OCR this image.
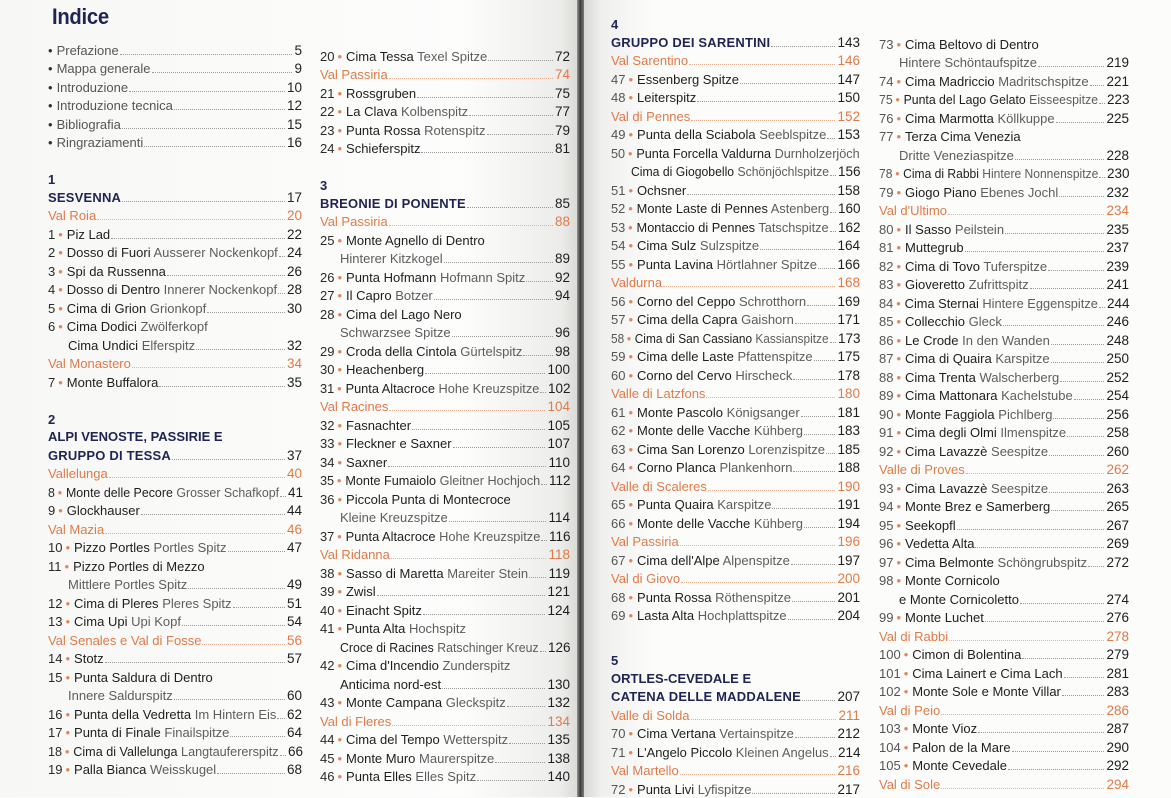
Indice
• Prefazione	5
• Mappa generale	9
• Introduzione	10
• Introduzione tecnica	12
• Bibliografia	15
• Ringraziamenti	16
1
SESVENNA	17
Val Roia	20
1 • Piz Lad	22
2 • Dosso di Fuori Ausserer Nockenkopf 24
3 • Spi da Russenna	26
4 • Dosso di Dentro Innerer Nockenkopf 28
5 • Cima di Grion Grionkopf	30
6 • Cima Dodici Zwölferkopf
Cima Undici Elferspitz	32
Val Monastero	34
7 • Monte Buffalora	35
2
ALPI VENOSTE, PASSIRIE E
GRUPPO DI TESSA	37
Vallelunga	40
8 • Monte delle Pecore Grosser Schafkopf 41
9 • Glockhauser	44
Val Mazia	46
10 • Pizzo Portles Portles Spitz	47
11 • Pizzo Portles di Mezzo
Mittlere Portles Spitz	49
12 • Cima di Pleres Pleres Spitz	51
13 • Cima Upi Upi Kopf	54
Val Senales e Val di Fosse	56
14 • Stotz	57
15 • Punta Saldura di Dentro
Innere Saldurspitz	60
16 • Punta della Vedretta Im Hintern Eis 62
17 • Punta di Finale Finailspitze	64
18 • Cima di Vallelunga Langtaufererspitz 66
19 • Palla Bianca Weisskugel	68
20 • Cima Tessa Texel Spitze	72
Val Passiria	74
21 • Rossgruben	75
22 • La Clava Kolbenspitz	77
23 • Punta Rossa Rotenspitz	79
24 • Schieferspitz	81
3
BREONIE DI PONENTE	85
Val Passiria	88
25 • Monte Agnello di Dentro
Hinterer Kitzkogel	89
26 • Punta Hofmann Hofmann Spitz 92
27 • Il Capro Botzer	94
28 • Cima del Lago Nero
Schwarzsee Spitze	96
29 • Croda della Cintola Gürtelspitz 98
30 • Heachenberg	100
31 • Punta Altacroce Hohe Kreuzspitze 102
Val Racines	104
32 • Fasnachter	105
33 • Fleckner e Saxner	107
34 • Saxner	110
35 • Monte Fumaiolo Gleitner Hochjoch 112
36 • Piccola Punta di Montecroce
Kleine Kreuzspitze	114
37 • Punta Altacroce Hohe Kreuzspitze 116
Val Ridanna	118
38 • Sasso di Maretta Mareiter Stein 119
39 • Zwisl	121
40 • Einacht Spitz	124
41 • Punta Alta Hochspitz
Croce di Racines Ratschinger Kreuz 126
42 • Cima d'Incendio Zunderspitz
Anticima nord-est	130
43 • Monte Campana Gleckspitz	132
Val di Fleres	134
44 • Cima del Tempo Wetterspitz	135
45 • Monte Muro Maurerspitze	138
46 • Punta Elles Elles Spitz	140
4
GRUPPO DEI SARENTINI	143
Val Sarentino	146
47 • Essenberg Spitze	147
48 • Leiterspitz	150
Val di Pennes	152
49 • Punta della Sciabola Seeblspitze 153
50 • Punta Forcella Valdurna Durnholzerjöch
Cima di Giogobello Schönjöchlspitze 156
51 • Ochsner	158
52 • Monte Laste di Pennes Astenberg 160
53 • Montaccio di Pennes Tatschspitze 162
54 • Cima Sulz Sulzspitze	164
55 • Punta Lavina Hörtlahner Spitze 166
Valdurna	168
56 • Corno del Ceppo Schrotthorn 169
57 • Cima della Capra Gaishorn	171
58 • Cima di San Cassiano Kassianspitze 173
59 • Cima delle Laste Pfattenspitze 175
60 • Corno del Cervo Hirscheck	178
Valle di Latzfons	180
61 • Monte Pascolo Königsanger	181
62 • Monte delle Vacche Kühberg	183
63 • Cima San Lorenzo Lorenzispitze 185
64 • Corno Planca Plankenhorn	188
Valle di Scaleres	190
65 • Punta Quaira Karspitze	191
66 • Monte delle Vacche Kühberg	194
Val Passiria	196
67 • Cima dell'Alpe Alpenspitze	197
Val di Giovo	200
68 • Punta Rossa Röthenspitze	201
69 • Lasta Alta Hochplattspitze	204
5
ORTLES-CEVEDALE E
CATENA DELLE MADDALENE	207
Valle di Solda	211
70 • Cima Vertana Vertainspitze	212
71 • L'Angelo Piccolo Kleinen Angelus 214
Val Martello	216
72 • Punta Livi Lyfispitze	217
73 • Cima Beltovo di Dentro
Hintere Schöntaufspitze	219
74 • Cima Madriccio Madritschspitze 221
75 • Punta del Lago Gelato Eisseespitze 223
76 • Cima Marmotta Köllkuppe	225
77 • Terza Cima Venezia
Dritte Veneziaspitze	228
78 • Cima di Rabbi Hintere Nonnenspitze 230
79 • Giogo Piano Ebenes Jochl	232
Val d'Ultimo	234
80 • Il Sasso Peilstein	235
81 • Muttegrub	237
82 • Cima di Tovo Tuferspitze	239
83 • Gioveretto Zufrittspitz	241
84 • Cima Sternai Hintere Eggenspitze 244
85 • Collecchio Gleck	246
86 • Le Crode In den Wanden	248
87 • Cima di Quaira Karspitze	250
88 • Cima Trenta Walscherberg	252
89 • Cima Mattonara Kachelstube	254
90 • Monte Faggiola Pichlberg	256
91 • Cima degli Olmi Ilmenspitze	258
92 • Cima Lavazzè Seespitze	260
Valle di Proves	262
93 • Cima Lavazzè Seespitze	263
94 • Monte Brez e Samerberg	265
95 • Seekopfl	267
96 • Vedetta Alta	269
97 • Cima Belmonte Schöngrubspitz 272
98 • Monte Cornicolo
e Monte Cornicoletto	274
99 • Monte Luchet	276
Val di Rabbi	278
100 • Cimon di Bolentina	279
101 • Cima Lainert e Cima Lach	281
102 • Monte Sole e Monte Villar	283
Val di Peio	286
103 • Monte Vioz	287
104 • Palon de la Mare	290
105 • Monte Cevedale	292
Val di Sole	294
